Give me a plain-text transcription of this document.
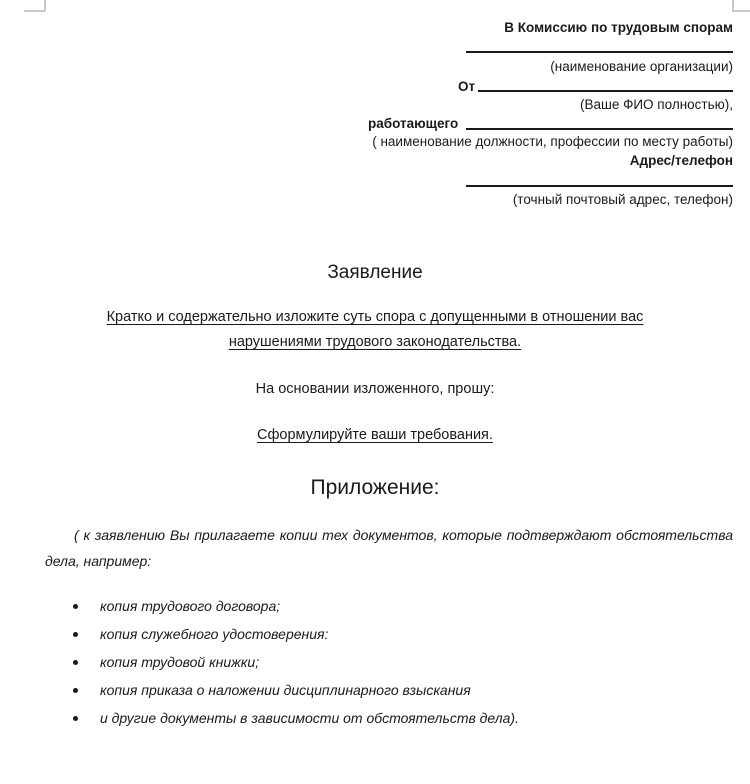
В Комиссию по трудовым спорам
(наименование организации)
От
(Ваше ФИО полностью),
работающего
( наименование должности, профессии по месту работы)
Адрес/телефон
(точный почтовый адрес, телефон)
Заявление
Кратко и содержательно изложите суть спора с допущенными в отношении вас
нарушениями трудового законодательства.
На основании изложенного, прошу:
Сформулируйте ваши требования.
Приложение:
( к заявлению Вы прилагаете копии тех документов, которые подтверждают обстоятельства дела, например:
копия трудового договора;
копия служебного удостоверения:
копия трудовой книжки;
копия приказа о наложении дисциплинарного взыскания
и другие документы в зависимости от обстоятельств дела).
